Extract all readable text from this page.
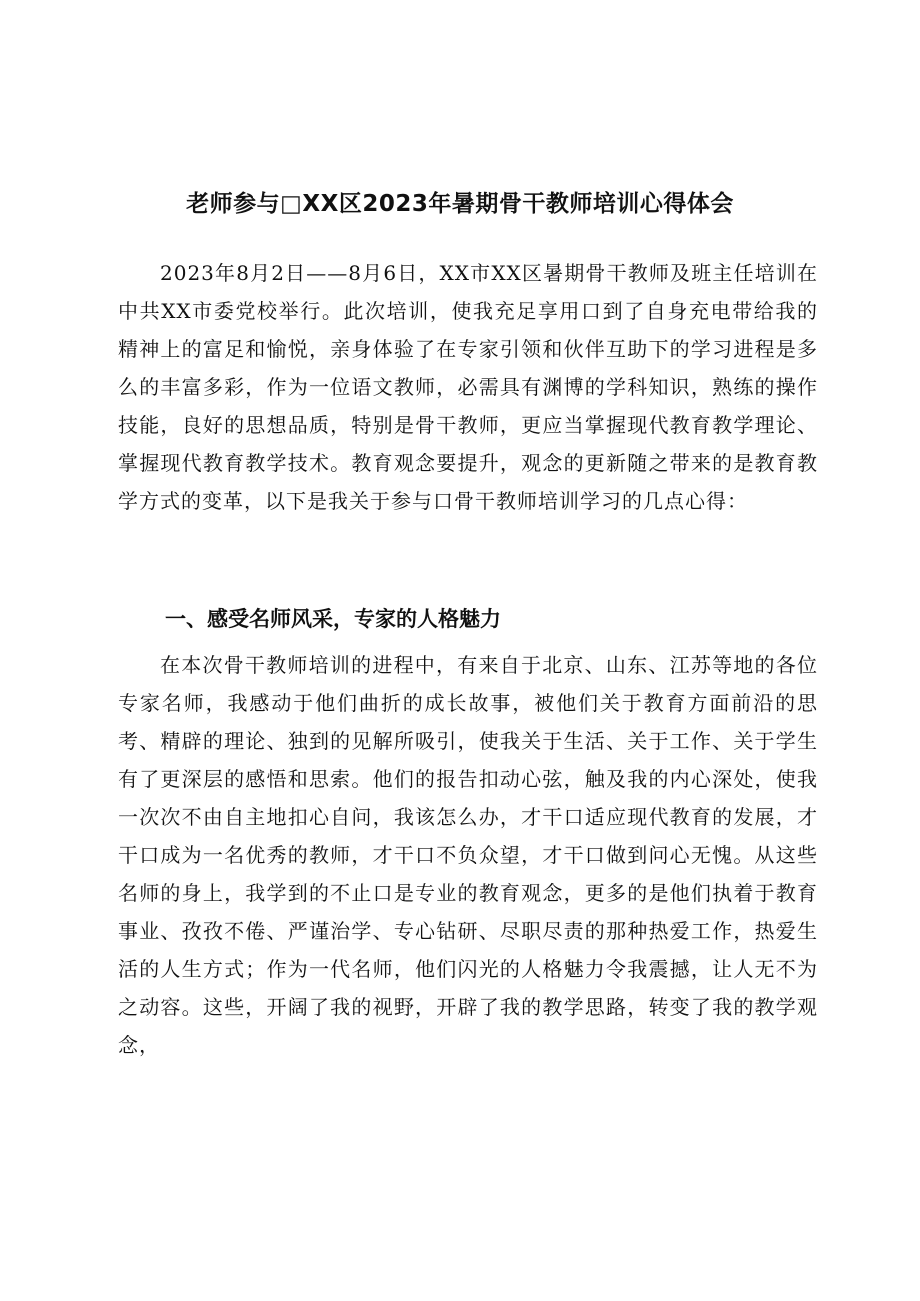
老师参与□XX区2023年暑期骨干教师培训心得体会

2023年8月2日——8月6日，XX市XX区暑期骨干教师及班主任培训在中共XX市委党校举行。此次培训，使我充足享用口到了自身充电带给我的精神上的富足和愉悦，亲身体验了在专家引领和伙伴互助下的学习进程是多么的丰富多彩，作为一位语文教师，必需具有渊博的学科知识，熟练的操作技能，良好的思想品质，特别是骨干教师，更应当掌握现代教育教学理论、掌握现代教育教学技术。教育观念要提升，观念的更新随之带来的是教育教学方式的变革，以下是我关于参与口骨干教师培训学习的几点心得：

一、感受名师风采，专家的人格魅力

在本次骨干教师培训的进程中，有来自于北京、山东、江苏等地的各位专家名师，我感动于他们曲折的成长故事，被他们关于教育方面前沿的思考、精辟的理论、独到的见解所吸引，使我关于生活、关于工作、关于学生有了更深层的感悟和思索。他们的报告扣动心弦，触及我的内心深处，使我一次次不由自主地扣心自问，我该怎么办，才干口适应现代教育的发展，才干口成为一名优秀的教师，才干口不负众望，才干口做到问心无愧。从这些名师的身上，我学到的不止口是专业的教育观念，更多的是他们执着于教育事业、孜孜不倦、严谨治学、专心钻研、尽职尽责的那种热爱工作，热爱生活的人生方式；作为一代名师，他们闪光的人格魅力令我震撼，让人无不为之动容。这些，开阔了我的视野，开辟了我的教学思路，转变了我的教学观念，
